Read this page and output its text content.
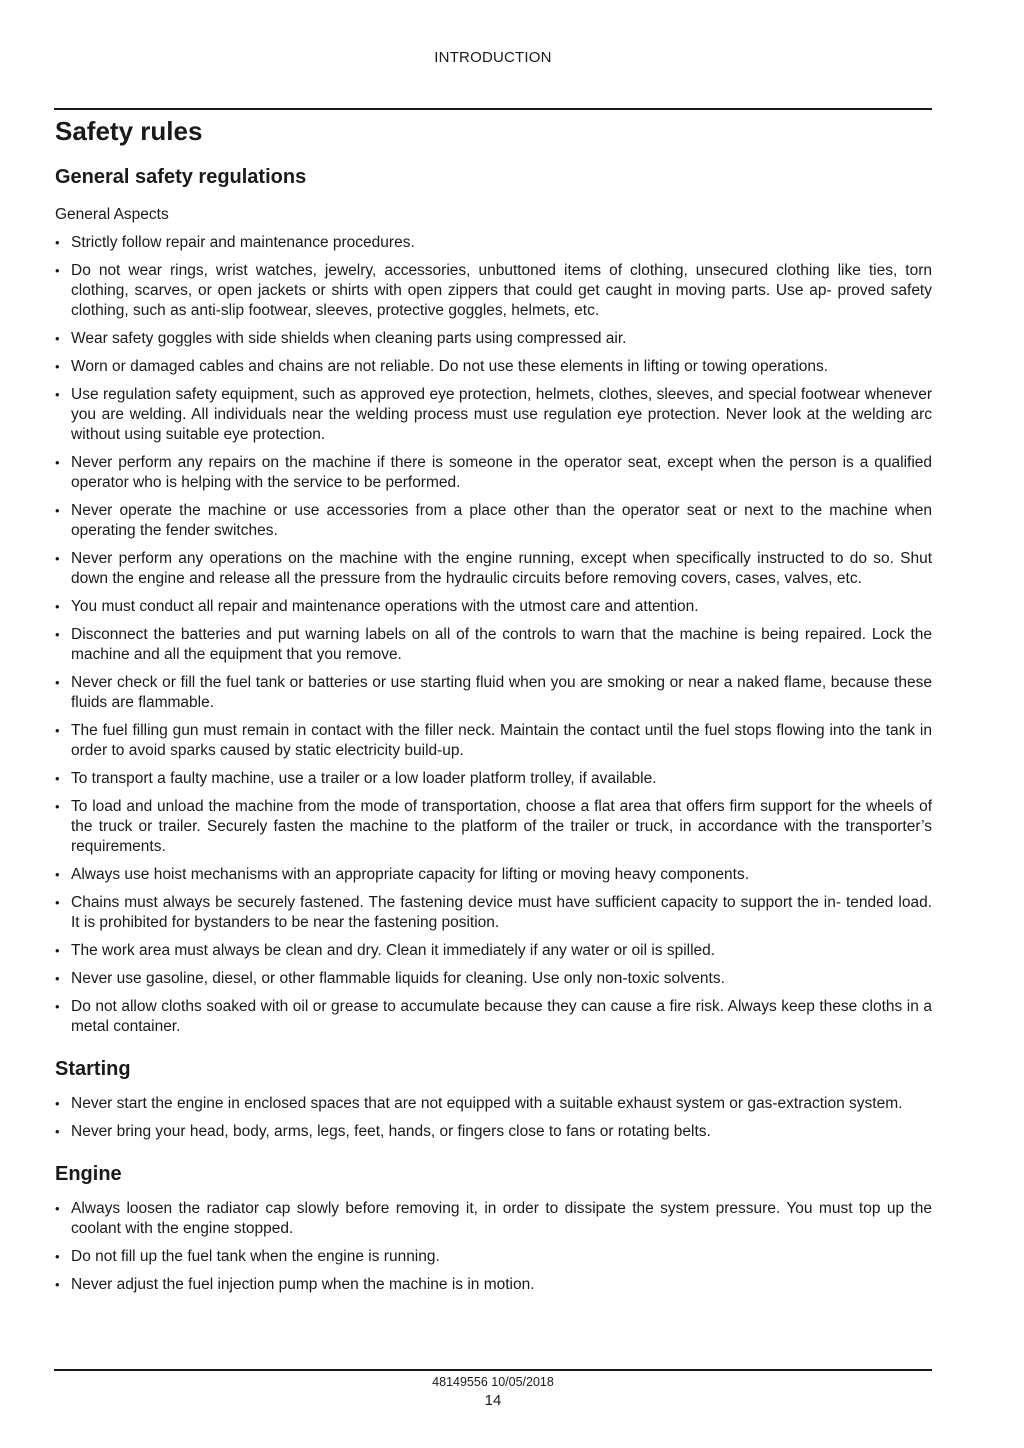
INTRODUCTION
Safety rules
General safety regulations

General Aspects

• Strictly follow repair and maintenance procedures.
• Do not wear rings, wrist watches, jewelry, accessories, unbuttoned items of clothing, unsecured clothing like ties, torn clothing, scarves, or open jackets or shirts with open zippers that could get caught in moving parts. Use ap- proved safety clothing, such as anti-slip footwear, sleeves, protective goggles, helmets, etc.
• Wear safety goggles with side shields when cleaning parts using compressed air.
• Worn or damaged cables and chains are not reliable. Do not use these elements in lifting or towing operations.
• Use regulation safety equipment, such as approved eye protection, helmets, clothes, sleeves, and special footwear whenever you are welding. All individuals near the welding process must use regulation eye protection. Never look at the welding arc without using suitable eye protection.
• Never perform any repairs on the machine if there is someone in the operator seat, except when the person is a qualified operator who is helping with the service to be performed.
• Never operate the machine or use accessories from a place other than the operator seat or next to the machine when operating the fender switches.
• Never perform any operations on the machine with the engine running, except when specifically instructed to do so. Shut down the engine and release all the pressure from the hydraulic circuits before removing covers, cases, valves, etc.
• You must conduct all repair and maintenance operations with the utmost care and attention.
• Disconnect the batteries and put warning labels on all of the controls to warn that the machine is being repaired. Lock the machine and all the equipment that you remove.
• Never check or fill the fuel tank or batteries or use starting fluid when you are smoking or near a naked flame, because these fluids are flammable.
• The fuel filling gun must remain in contact with the filler neck. Maintain the contact until the fuel stops flowing into the tank in order to avoid sparks caused by static electricity build-up.
• To transport a faulty machine, use a trailer or a low loader platform trolley, if available.
• To load and unload the machine from the mode of transportation, choose a flat area that offers firm support for the wheels of the truck or trailer. Securely fasten the machine to the platform of the trailer or truck, in accordance with the transporter’s requirements.
• Always use hoist mechanisms with an appropriate capacity for lifting or moving heavy components.
• Chains must always be securely fastened. The fastening device must have sufficient capacity to support the in- tended load. It is prohibited for bystanders to be near the fastening position.
• The work area must always be clean and dry. Clean it immediately if any water or oil is spilled.
• Never use gasoline, diesel, or other flammable liquids for cleaning. Use only non-toxic solvents.
• Do not allow cloths soaked with oil or grease to accumulate because they can cause a fire risk. Always keep these cloths in a metal container.
Starting
• Never start the engine in enclosed spaces that are not equipped with a suitable exhaust system or gas-extraction system.
• Never bring your head, body, arms, legs, feet, hands, or fingers close to fans or rotating belts.
Engine
• Always loosen the radiator cap slowly before removing it, in order to dissipate the system pressure. You must top up the coolant with the engine stopped.
• Do not fill up the fuel tank when the engine is running.
• Never adjust the fuel injection pump when the machine is in motion.
48149556 10/05/2018
14
